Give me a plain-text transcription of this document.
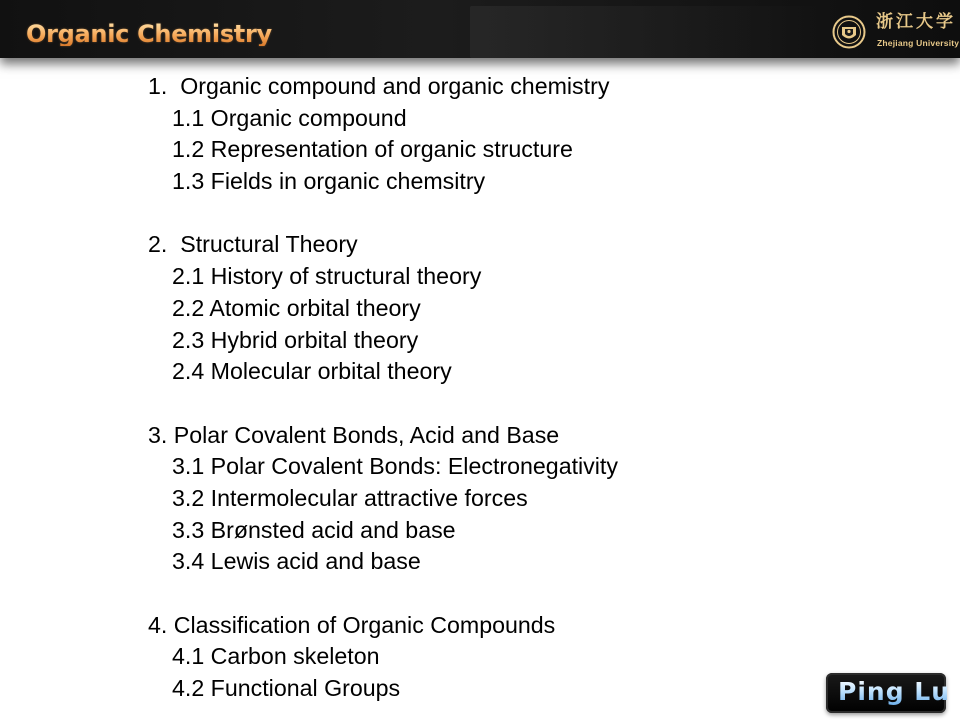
Organic Chemistry	浙江大学
Zhejiang University
1.  Organic compound and organic chemistry
1.1 Organic compound
1.2 Representation of organic structure
1.3 Fields in organic chemsitry
2.  Structural Theory
2.1 History of structural theory
2.2 Atomic orbital theory
2.3 Hybrid orbital theory
2.4 Molecular orbital theory
3. Polar Covalent Bonds, Acid and Base
3.1 Polar Covalent Bonds: Electronegativity
3.2 Intermolecular attractive forces
3.3 Brønsted acid and base
3.4 Lewis acid and base
4. Classification of Organic Compounds
4.1 Carbon skeleton
4.2 Functional Groups	Ping Lu
